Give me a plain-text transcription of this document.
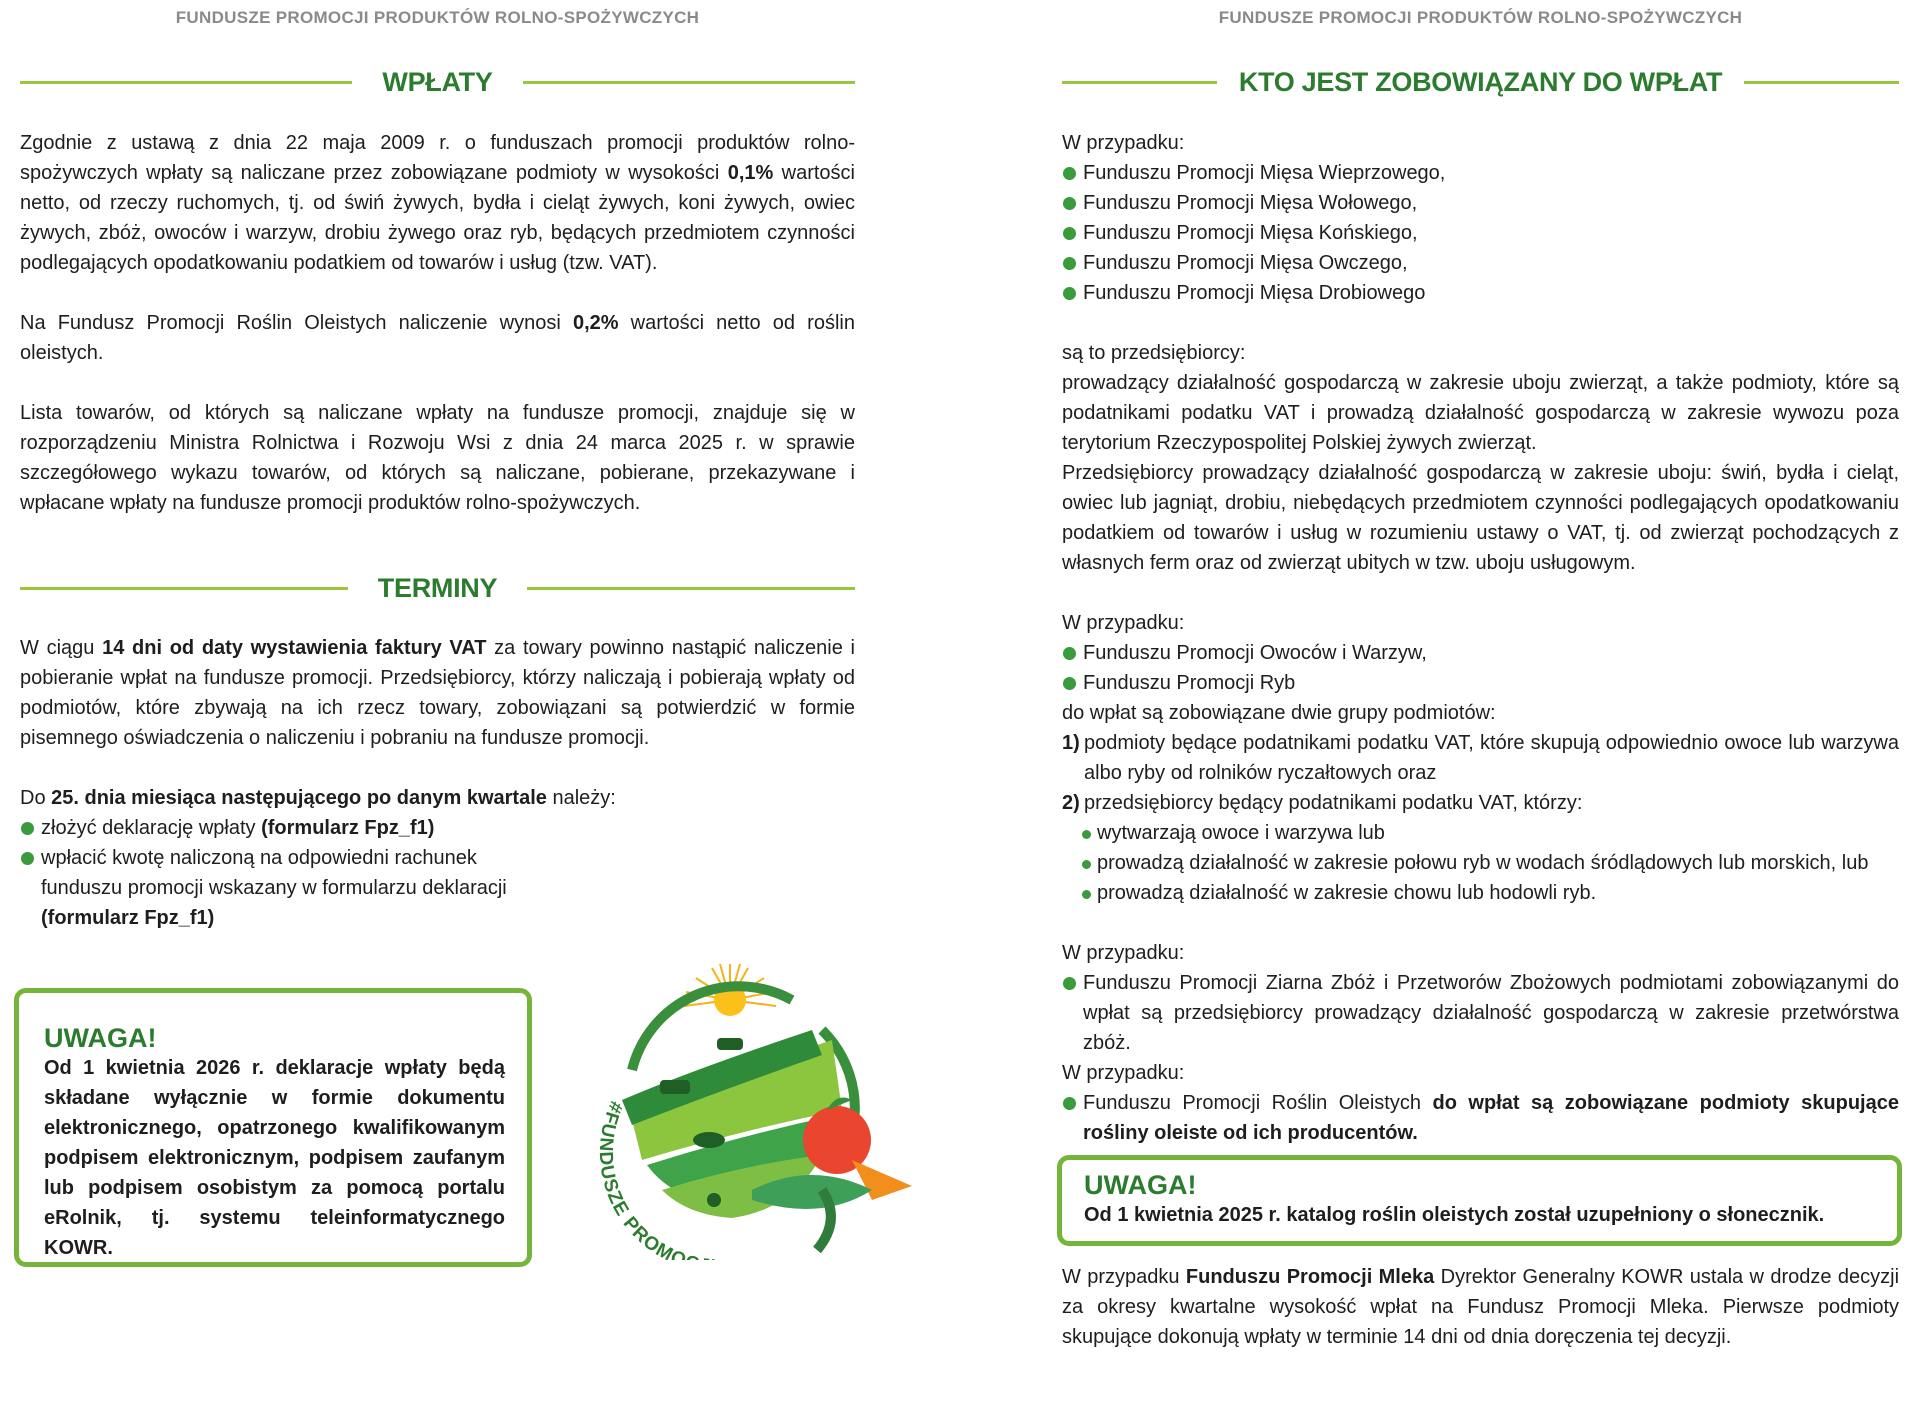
FUNDUSZE PROMOCJI PRODUKTÓW ROLNO-SPOŻYWCZYCH
WPŁATY

Zgodnie z ustawą z dnia 22 maja 2009 r. o funduszach promocji produktów rolno-spożywczych wpłaty są naliczane przez zobowiązane podmioty w wysokości 0,1% wartości netto, od rzeczy ruchomych, tj. od świń żywych, bydła i cieląt żywych, koni żywych, owiec żywych, zbóż, owoców i warzyw, drobiu żywego oraz ryb, będących przedmiotem czynności podlegających opodatkowaniu podatkiem od towarów i usług (tzw. VAT).

Na Fundusz Promocji Roślin Oleistych naliczenie wynosi 0,2% wartości netto od roślin oleistych.

Lista towarów, od których są naliczane wpłaty na fundusze promocji, znajduje się w rozporządzeniu Ministra Rolnictwa i Rozwoju Wsi z dnia 24 marca 2025 r. w sprawie szczegółowego wykazu towarów, od których są naliczane, pobierane, przekazywane i wpłacane wpłaty na fundusze promocji produktów rolno-spożywczych.

TERMINY

W ciągu 14 dni od daty wystawienia faktury VAT za towary powinno nastąpić naliczenie i pobieranie wpłat na fundusze promocji. Przedsiębiorcy, którzy naliczają i pobierają wpłaty od podmiotów, które zbywają na ich rzecz towary, zobowiązani są potwierdzić w formie pisemnego oświadczenia o naliczeniu i pobraniu na fundusze promocji.

Do 25. dnia miesiąca następującego po danym kwartale należy:

złożyć deklarację wpłaty (formularz Fpz_f1)
wpłacić kwotę naliczoną na odpowiedni rachunek funduszu promocji wskazany w formularzu deklaracji (formularz Fpz_f1)
UWAGA!
Od 1 kwietnia 2026 r. deklaracje wpłaty będą składane wyłącznie w formie dokumentu elektronicznego, opatrzonego kwalifikowanym podpisem elektronicznym, podpisem zaufanym lub podpisem osobistym za pomocą portalu eRolnik, tj. systemu teleinformatycznego KOWR.
#FUNDUSZE PROMO
FUNDUSZE PROMOCJI PRODUKTÓW ROLNO-SPOŻYWCZYCH
KTO JEST ZOBOWIĄZANY DO WPŁAT

W przypadku:

Funduszu Promocji Mięsa Wieprzowego,
Funduszu Promocji Mięsa Wołowego,
Funduszu Promocji Mięsa Końskiego,
Funduszu Promocji Mięsa Owczego,
Funduszu Promocji Mięsa Drobiowego

są to przedsiębiorcy:

prowadzący działalność gospodarczą w zakresie uboju zwierząt, a także podmioty, które są podatnikami podatku VAT i prowadzą działalność gospodarczą w zakresie wywozu poza terytorium Rzeczypospolitej Polskiej żywych zwierząt.

Przedsiębiorcy prowadzący działalność gospodarczą w zakresie uboju: świń, bydła i cieląt, owiec lub jagniąt, drobiu, niebędących przedmiotem czynności podlegających opodatkowaniu podatkiem od towarów i usług w rozumieniu ustawy o VAT, tj. od zwierząt pochodzących z własnych ferm oraz od zwierząt ubitych w tzw. uboju usługowym.

W przypadku:

Funduszu Promocji Owoców i Warzyw,
Funduszu Promocji Ryb

do wpłat są zobowiązane dwie grupy podmiotów:

1) podmioty będące podatnikami podatku VAT, które skupują odpowiednio owoce lub warzywa albo ryby od rolników ryczałtowych oraz
2) przedsiębiorcy będący podatnikami podatku VAT, którzy:
wytwarzają owoce i warzywa lub
prowadzą działalność w zakresie połowu ryb w wodach śródlądowych lub morskich, lub
prowadzą działalność w zakresie chowu lub hodowli ryb.

W przypadku:

Funduszu Promocji Ziarna Zbóż i Przetworów Zbożowych podmiotami zobowiązanymi do wpłat są przedsiębiorcy prowadzący działalność gospodarczą w zakresie przetwórstwa zbóż.

W przypadku:

Funduszu Promocji Roślin Oleistych do wpłat są zobowiązane podmioty skupujące rośliny oleiste od ich producentów.
UWAGA!
Od 1 kwietnia 2025 r. katalog roślin oleistych został uzupełniony o słonecznik.

W przypadku Funduszu Promocji Mleka Dyrektor Generalny KOWR ustala w drodze decyzji za okresy kwartalne wysokość wpłat na Fundusz Promocji Mleka. Pierwsze podmioty skupujące dokonują wpłaty w terminie 14 dni od dnia doręczenia tej decyzji.
